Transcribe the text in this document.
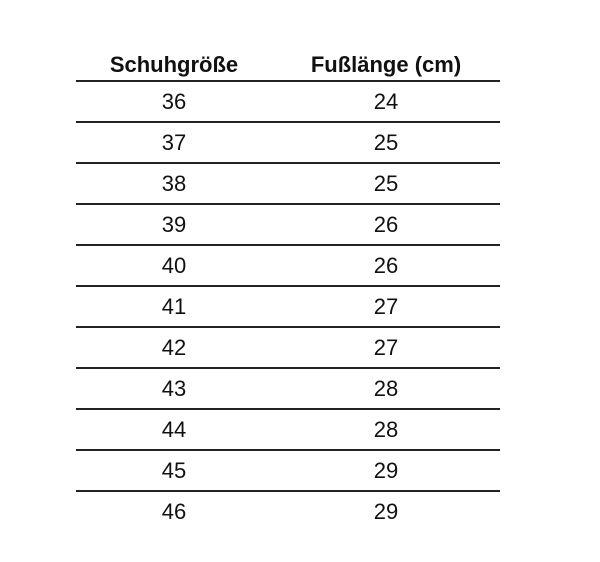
Schuhgröße	Fußlänge (cm)
36	24
37	25
38	25
39	26
40	26
41	27
42	27
43	28
44	28
45	29
46	29
